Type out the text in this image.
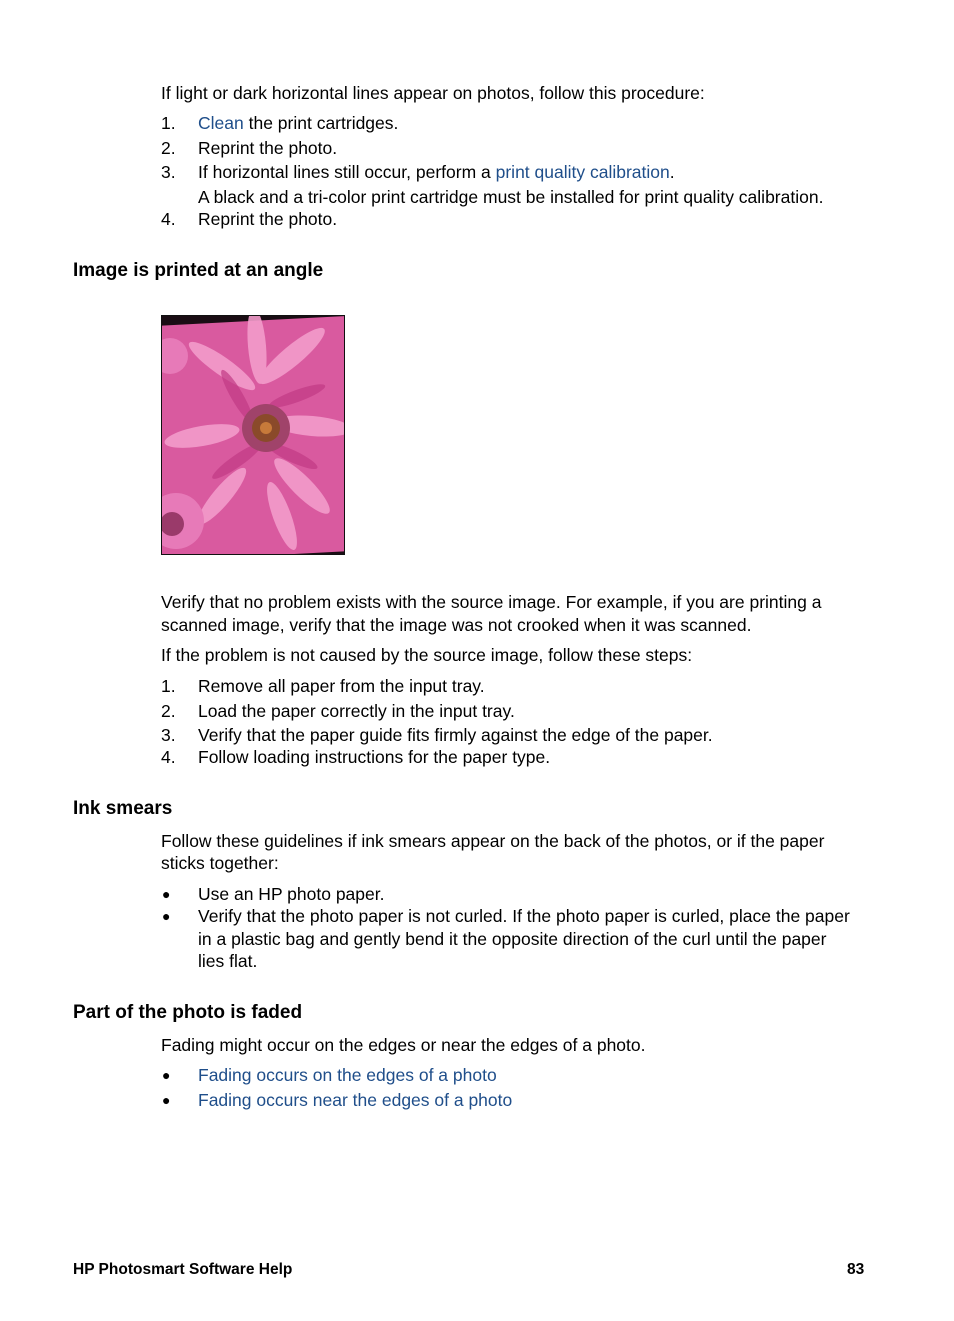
If light or dark horizontal lines appear on photos, follow this procedure:
1. Clean the print cartridges.
2. Reprint the photo.
3. If horizontal lines still occur, perform a print quality calibration.
A black and a tri-color print cartridge must be installed for print quality calibration.
4. Reprint the photo.
Image is printed at an angle
Verify that no problem exists with the source image. For example, if you are printing a
scanned image, verify that the image was not crooked when it was scanned.
If the problem is not caused by the source image, follow these steps:
1. Remove all paper from the input tray.
2. Load the paper correctly in the input tray.
3. Verify that the paper guide fits firmly against the edge of the paper.
4. Follow loading instructions for the paper type.
Ink smears
Follow these guidelines if ink smears appear on the back of the photos, or if the paper
sticks together:
● Use an HP photo paper.
● Verify that the photo paper is not curled. If the photo paper is curled, place the paper
in a plastic bag and gently bend it the opposite direction of the curl until the paper
lies flat.
Part of the photo is faded
Fading might occur on the edges or near the edges of a photo.
● Fading occurs on the edges of a photo
● Fading occurs near the edges of a photo
HP Photosmart Software Help	83
